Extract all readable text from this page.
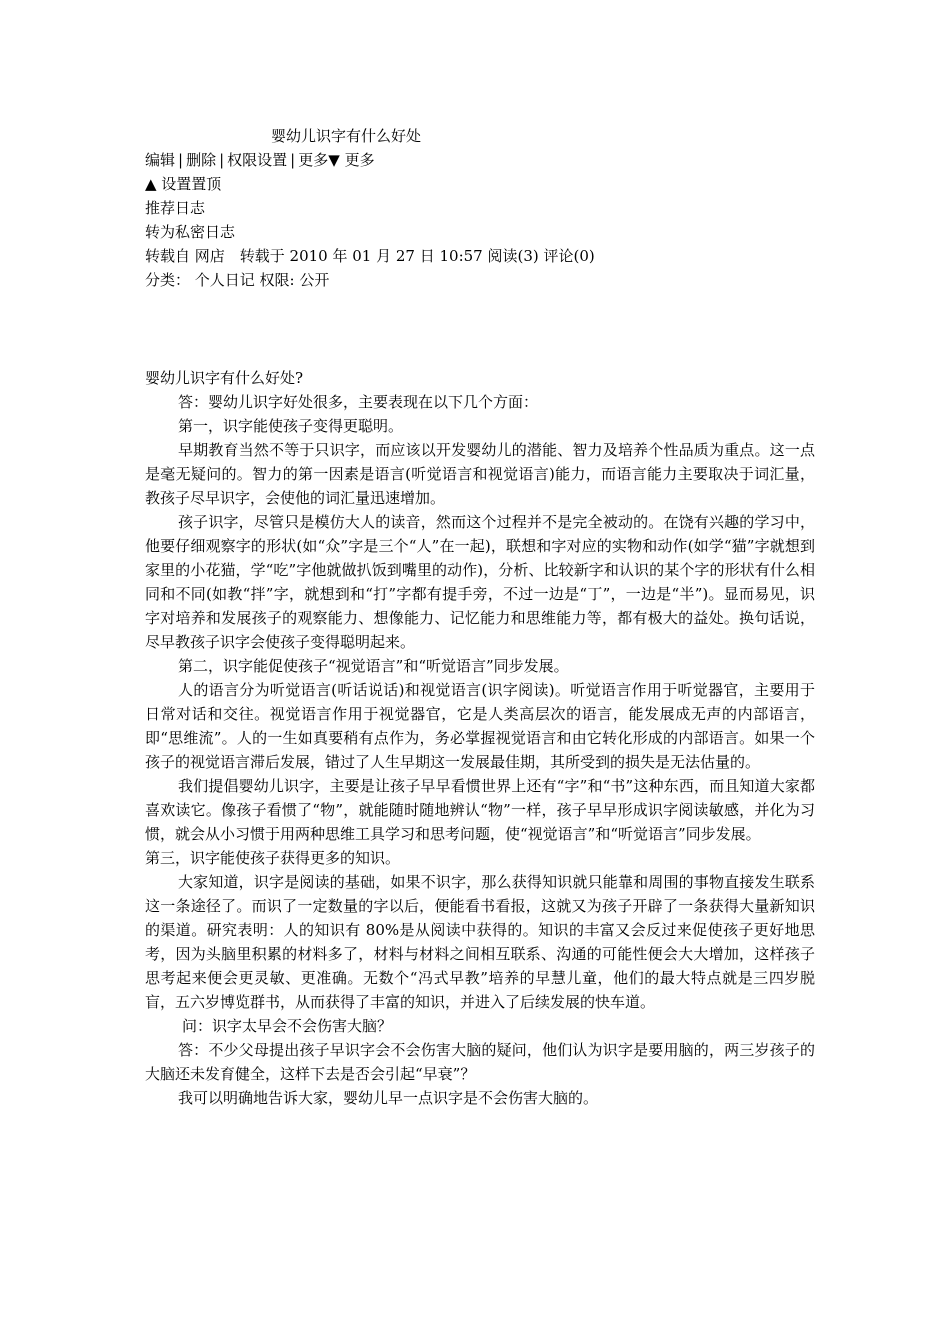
婴幼儿识字有什么好处
编辑 | 删除 | 权限设置 | 更多▼ 更多
▲ 设置置顶
推荐日志
转为私密日志
转载自 网店　转载于 2010 年 01 月 27 日 10:57 阅读(3) 评论(0)
分类： 个人日记 权限: 公开
婴幼儿识字有什么好处?
答：婴幼儿识字好处很多，主要表现在以下几个方面：
第一，识字能使孩子变得更聪明。
早期教育当然不等于只识字，而应该以开发婴幼儿的潜能、智力及培养个性品质为重点。这一点是毫无疑问的。智力的第一因素是语言(听觉语言和视觉语言)能力，而语言能力主要取决于词汇量，教孩子尽早识字，会使他的词汇量迅速增加。
孩子识字，尽管只是模仿大人的读音，然而这个过程并不是完全被动的。在饶有兴趣的学习中，他要仔细观察字的形状(如“众”字是三个“人”在一起)，联想和字对应的实物和动作(如学“猫”字就想到家里的小花猫，学“吃”字他就做扒饭到嘴里的动作)，分析、比较新字和认识的某个字的形状有什么相同和不同(如教“拌”字，就想到和“打”字都有提手旁，不过一边是“丁”，一边是“半”)。显而易见，识字对培养和发展孩子的观察能力、想像能力、记忆能力和思维能力等，都有极大的益处。换句话说，尽早教孩子识字会使孩子变得聪明起来。
第二，识字能促使孩子“视觉语言”和“听觉语言”同步发展。
人的语言分为听觉语言(听话说话)和视觉语言(识字阅读)。听觉语言作用于听觉器官，主要用于日常对话和交往。视觉语言作用于视觉器官，它是人类高层次的语言，能发展成无声的内部语言，即“思维流”。人的一生如真要稍有点作为，务必掌握视觉语言和由它转化形成的内部语言。如果一个孩子的视觉语言滞后发展，错过了人生早期这一发展最佳期，其所受到的损失是无法估量的。
我们提倡婴幼儿识字，主要是让孩子早早看惯世界上还有“字”和“书”这种东西，而且知道大家都喜欢读它。像孩子看惯了“物”，就能随时随地辨认“物”一样，孩子早早形成识字阅读敏感，并化为习惯，就会从小习惯于用两种思维工具学习和思考问题，使“视觉语言”和“听觉语言”同步发展。
第三，识字能使孩子获得更多的知识。
大家知道，识字是阅读的基础，如果不识字，那么获得知识就只能靠和周围的事物直接发生联系这一条途径了。而识了一定数量的字以后，便能看书看报，这就又为孩子开辟了一条获得大量新知识的渠道。研究表明：人的知识有 80%是从阅读中获得的。知识的丰富又会反过来促使孩子更好地思考，因为头脑里积累的材料多了，材料与材料之间相互联系、沟通的可能性便会大大增加，这样孩子思考起来便会更灵敏、更准确。无数个“冯式早教”培养的早慧儿童，他们的最大特点就是三四岁脱盲，五六岁博览群书，从而获得了丰富的知识，并进入了后续发展的快车道。
问：识字太早会不会伤害大脑？
答：不少父母提出孩子早识字会不会伤害大脑的疑问，他们认为识字是要用脑的，两三岁孩子的大脑还未发育健全，这样下去是否会引起“早衰”？
我可以明确地告诉大家，婴幼儿早一点识字是不会伤害大脑的。
